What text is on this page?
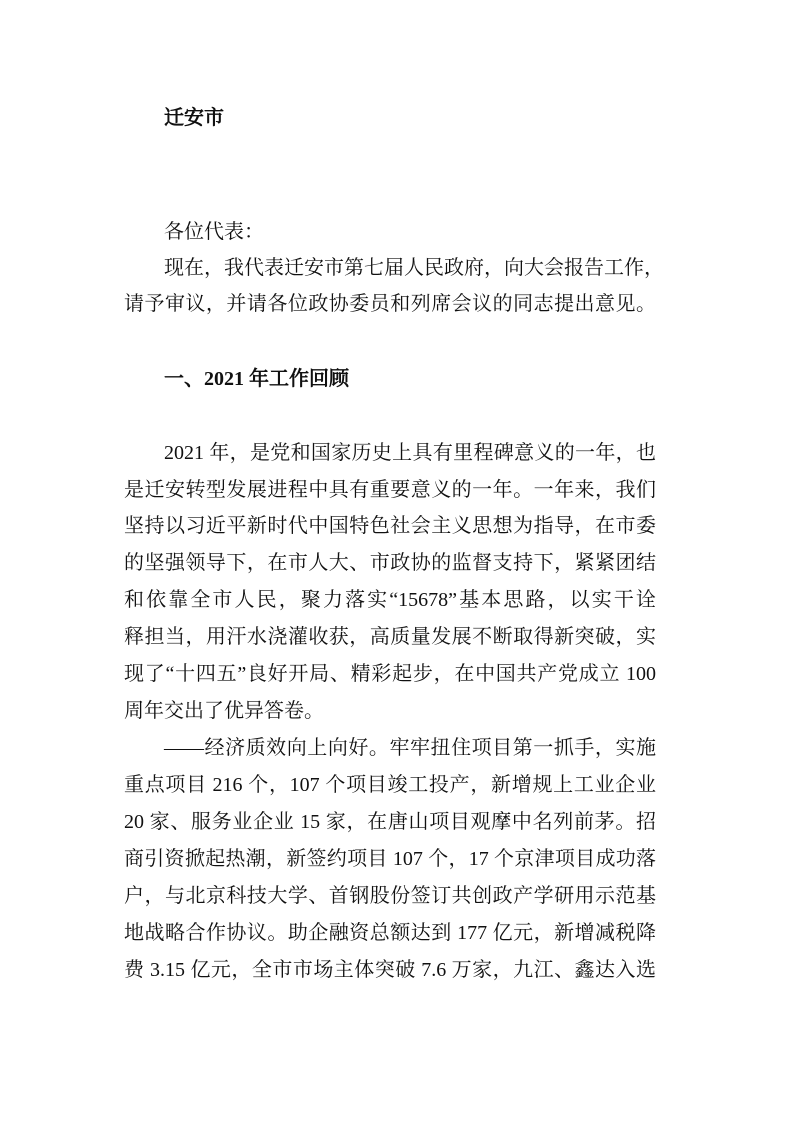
迁安市
各位代表：
现在，我代表迁安市第七届人民政府，向大会报告工作，
请予审议，并请各位政协委员和列席会议的同志提出意见。
一、2021 年工作回顾
2021 年，是党和国家历史上具有里程碑意义的一年，也
是迁安转型发展进程中具有重要意义的一年。一年来，我们
坚持以习近平新时代中国特色社会主义思想为指导，在市委
的坚强领导下，在市人大、市政协的监督支持下，紧紧团结
和依靠全市人民，聚力落实“15678”基本思路，以实干诠
释担当，用汗水浇灌收获，高质量发展不断取得新突破，实
现了“十四五”良好开局、精彩起步，在中国共产党成立 100
周年交出了优异答卷。
——经济质效向上向好。牢牢扭住项目第一抓手，实施
重点项目 216 个，107 个项目竣工投产，新增规上工业企业
20 家、服务业企业 15 家，在唐山项目观摩中名列前茅。招
商引资掀起热潮，新签约项目 107 个，17 个京津项目成功落
户，与北京科技大学、首钢股份签订共创政产学研用示范基
地战略合作协议。助企融资总额达到 177 亿元，新增减税降
费 3.15 亿元，全市市场主体突破 7.6 万家，九江、鑫达入选
